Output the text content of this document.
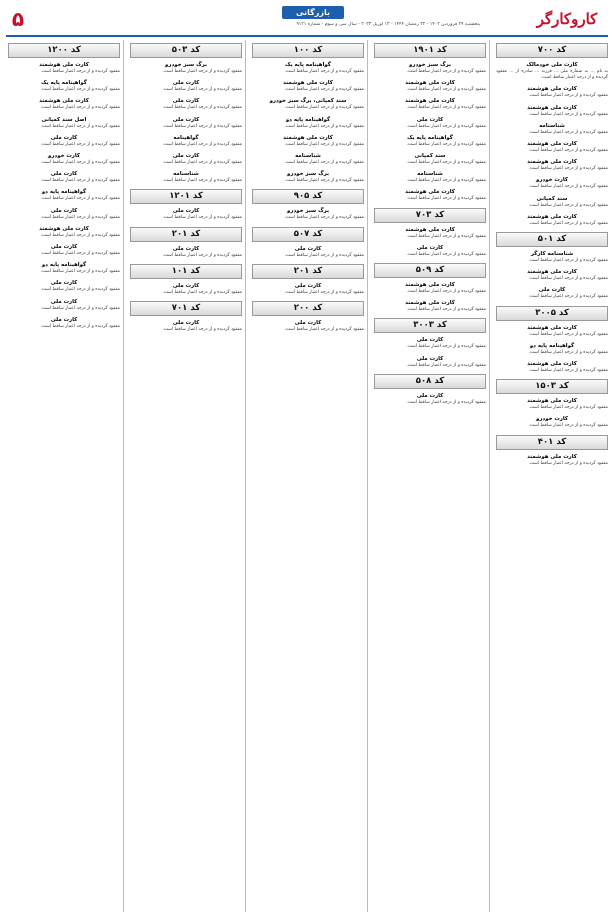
۵	پنجشنبه ۲۴ فروردین ۱۴۰۲ - ۲۲ رمضان ۱۴۴۴ - ۱۳ آوریل ۲۰۲۳ - سال سی و سوم - شماره ۹۱۲۱
بازرگانی	کاروکارگر
کد ۷۰۰
کارت ملی خودمالک
به نام ... به شماره ملی ... فرزند ... صادره از ... مفقود گردیده و از درجه اعتبار ساقط است.
کارت ملی هوشمند
مفقود گردیده و از درجه اعتبار ساقط است.
کارت ملی هوشمند
مفقود گردیده و از درجه اعتبار ساقط است.
شناسنامه
مفقود گردیده و از درجه اعتبار ساقط است.
کارت ملی هوشمند
مفقود گردیده و از درجه اعتبار ساقط است.
کارت ملی هوشمند
مفقود گردیده و از درجه اعتبار ساقط است.
کارت خودرو
مفقود گردیده و از درجه اعتبار ساقط است.
سند کمپانی
مفقود گردیده و از درجه اعتبار ساقط است.
کارت ملی هوشمند
مفقود گردیده و از درجه اعتبار ساقط است.
کد ۵۰۱
شناسنامه کارگر
مفقود گردیده و از درجه اعتبار ساقط است.
کارت ملی هوشمند
مفقود گردیده و از درجه اعتبار ساقط است.
کارت ملی
مفقود گردیده و از درجه اعتبار ساقط است.
کد ۳۰۰۵
کارت ملی هوشمند
مفقود گردیده و از درجه اعتبار ساقط است.
گواهینامه پایه دو
مفقود گردیده و از درجه اعتبار ساقط است.
کارت ملی هوشمند
مفقود گردیده و از درجه اعتبار ساقط است.
کد ۱۵۰۳
کارت ملی هوشمند
مفقود گردیده و از درجه اعتبار ساقط است.
کارت خودرو
مفقود گردیده و از درجه اعتبار ساقط است.
کد ۴۰۱
کارت ملی هوشمند
مفقود گردیده و از درجه اعتبار ساقط است.
کد ۱۹۰۱
برگ سبز خودرو
مفقود گردیده و از درجه اعتبار ساقط است.
کارت ملی هوشمند
مفقود گردیده و از درجه اعتبار ساقط است.
کارت ملی هوشمند
مفقود گردیده و از درجه اعتبار ساقط است.
کارت ملی
مفقود گردیده و از درجه اعتبار ساقط است.
گواهینامه پایه یک
مفقود گردیده و از درجه اعتبار ساقط است.
سند کمپانی
مفقود گردیده و از درجه اعتبار ساقط است.
شناسنامه
مفقود گردیده و از درجه اعتبار ساقط است.
کارت ملی هوشمند
مفقود گردیده و از درجه اعتبار ساقط است.
کد ۷۰۳
کارت ملی هوشمند
مفقود گردیده و از درجه اعتبار ساقط است.
کارت ملی
مفقود گردیده و از درجه اعتبار ساقط است.
کد ۵۰۹
کارت ملی هوشمند
مفقود گردیده و از درجه اعتبار ساقط است.
کارت ملی هوشمند
مفقود گردیده و از درجه اعتبار ساقط است.
کد ۳۰۰۳
کارت ملی
مفقود گردیده و از درجه اعتبار ساقط است.
کارت ملی
مفقود گردیده و از درجه اعتبار ساقط است.
کد ۵۰۸
کارت ملی
مفقود گردیده و از درجه اعتبار ساقط است.
کد ۱۰۰
گواهینامه پایه یک
مفقود گردیده و از درجه اعتبار ساقط است.
کارت ملی هوشمند
مفقود گردیده و از درجه اعتبار ساقط است.
سند کمپانی، برگ سبز خودرو
مفقود گردیده و از درجه اعتبار ساقط است.
گواهینامه پایه دو
مفقود گردیده و از درجه اعتبار ساقط است.
کارت ملی هوشمند
مفقود گردیده و از درجه اعتبار ساقط است.
شناسنامه
مفقود گردیده و از درجه اعتبار ساقط است.
برگ سبز خودرو
مفقود گردیده و از درجه اعتبار ساقط است.
کد ۹۰۵
برگ سبز خودرو
مفقود گردیده و از درجه اعتبار ساقط است.
کد ۵۰۷
کارت ملی
مفقود گردیده و از درجه اعتبار ساقط است.
کد ۲۰۱
کارت ملی
مفقود گردیده و از درجه اعتبار ساقط است.
کد ۲۰۰
کارت ملی
مفقود گردیده و از درجه اعتبار ساقط است.
کد ۵۰۳
برگ سبز خودرو
مفقود گردیده و از درجه اعتبار ساقط است.
کارت ملی
مفقود گردیده و از درجه اعتبار ساقط است.
کارت ملی
مفقود گردیده و از درجه اعتبار ساقط است.
کارت ملی
مفقود گردیده و از درجه اعتبار ساقط است.
گواهینامه
مفقود گردیده و از درجه اعتبار ساقط است.
کارت ملی
مفقود گردیده و از درجه اعتبار ساقط است.
شناسنامه
مفقود گردیده و از درجه اعتبار ساقط است.
کد ۱۲۰۱
کارت ملی
مفقود گردیده و از درجه اعتبار ساقط است.
کد ۲۰۱
کارت ملی
مفقود گردیده و از درجه اعتبار ساقط است.
کد ۱۰۱
کارت ملی
مفقود گردیده و از درجه اعتبار ساقط است.
کد ۷۰۱
کارت ملی
مفقود گردیده و از درجه اعتبار ساقط است.
کد ۱۲۰۰
کارت ملی هوشمند
مفقود گردیده و از درجه اعتبار ساقط است.
گواهینامه پایه یک
مفقود گردیده و از درجه اعتبار ساقط است.
کارت ملی هوشمند
مفقود گردیده و از درجه اعتبار ساقط است.
اصل سند کمپانی
مفقود گردیده و از درجه اعتبار ساقط است.
کارت ملی
مفقود گردیده و از درجه اعتبار ساقط است.
کارت خودرو
مفقود گردیده و از درجه اعتبار ساقط است.
کارت ملی
مفقود گردیده و از درجه اعتبار ساقط است.
گواهینامه پایه دو
مفقود گردیده و از درجه اعتبار ساقط است.
کارت ملی
مفقود گردیده و از درجه اعتبار ساقط است.
کارت ملی هوشمند
مفقود گردیده و از درجه اعتبار ساقط است.
کارت ملی
مفقود گردیده و از درجه اعتبار ساقط است.
گواهینامه پایه دو
مفقود گردیده و از درجه اعتبار ساقط است.
کارت ملی
مفقود گردیده و از درجه اعتبار ساقط است.
کارت ملی
مفقود گردیده و از درجه اعتبار ساقط است.
کارت ملی
مفقود گردیده و از درجه اعتبار ساقط است.
